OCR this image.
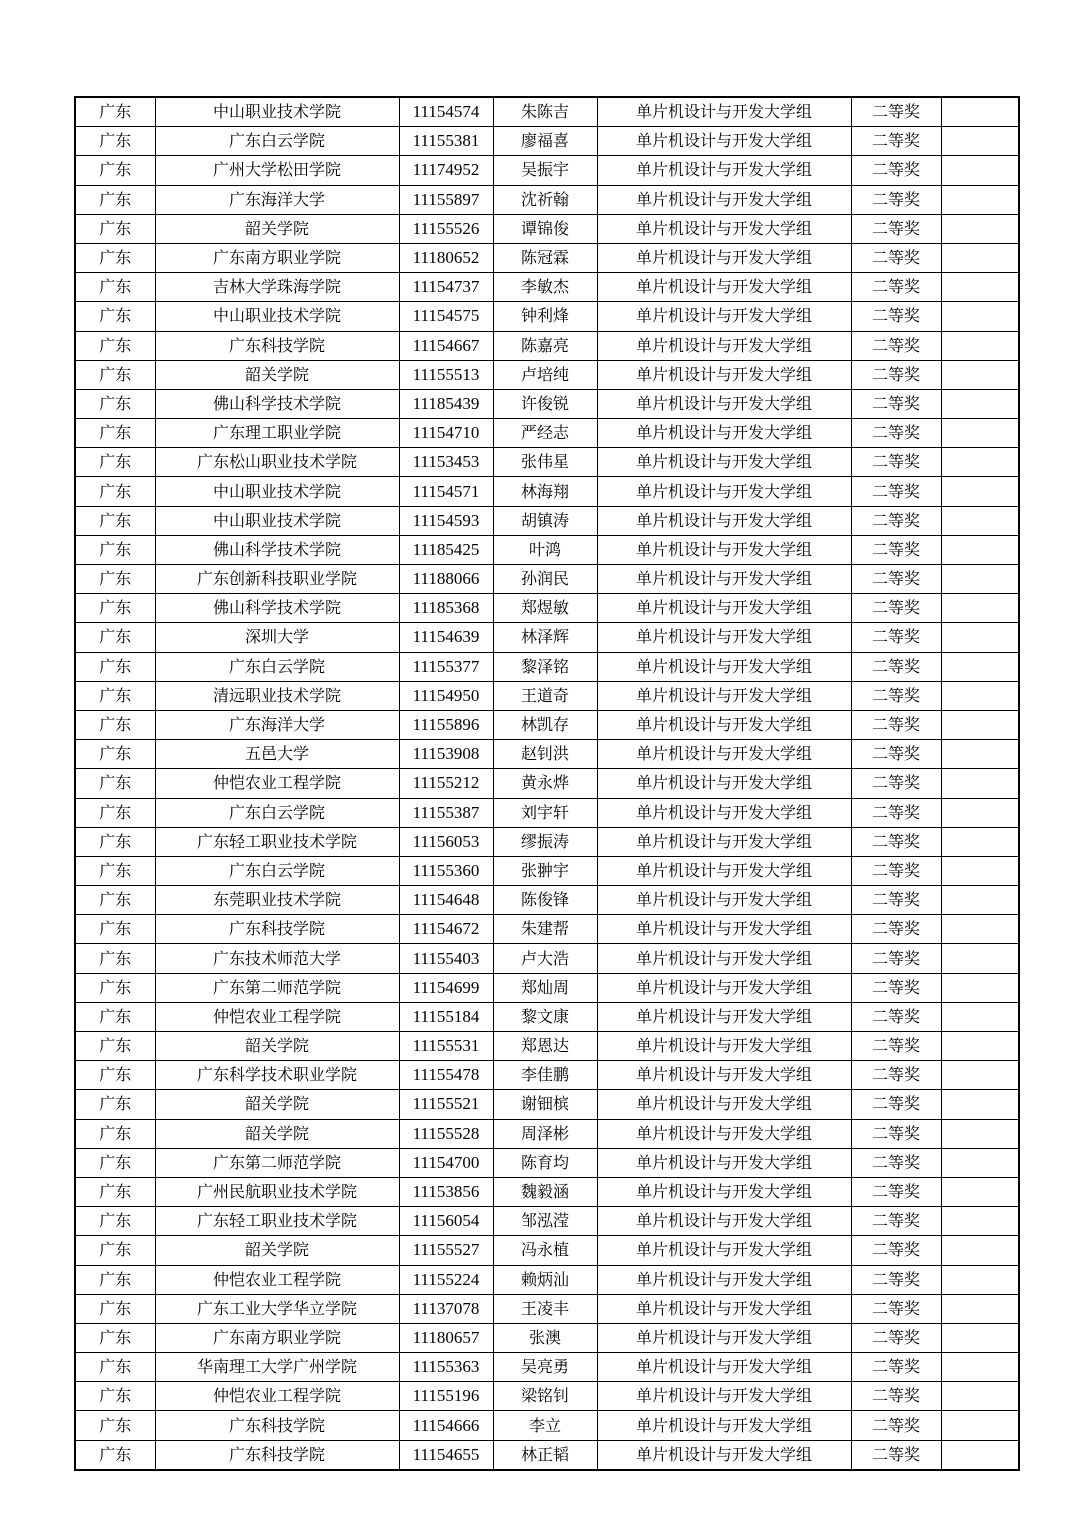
广东	中山职业技术学院	11154574	朱陈吉	单片机设计与开发大学组	二等奖	
广东	广东白云学院	11155381	廖福喜	单片机设计与开发大学组	二等奖	
广东	广州大学松田学院	11174952	吴振宇	单片机设计与开发大学组	二等奖	
广东	广东海洋大学	11155897	沈祈翰	单片机设计与开发大学组	二等奖	
广东	韶关学院	11155526	谭锦俊	单片机设计与开发大学组	二等奖	
广东	广东南方职业学院	11180652	陈冠霖	单片机设计与开发大学组	二等奖	
广东	吉林大学珠海学院	11154737	李敏杰	单片机设计与开发大学组	二等奖	
广东	中山职业技术学院	11154575	钟利烽	单片机设计与开发大学组	二等奖	
广东	广东科技学院	11154667	陈嘉亮	单片机设计与开发大学组	二等奖	
广东	韶关学院	11155513	卢培纯	单片机设计与开发大学组	二等奖	
广东	佛山科学技术学院	11185439	许俊锐	单片机设计与开发大学组	二等奖	
广东	广东理工职业学院	11154710	严经志	单片机设计与开发大学组	二等奖	
广东	广东松山职业技术学院	11153453	张伟星	单片机设计与开发大学组	二等奖	
广东	中山职业技术学院	11154571	林海翔	单片机设计与开发大学组	二等奖	
广东	中山职业技术学院	11154593	胡镇涛	单片机设计与开发大学组	二等奖	
广东	佛山科学技术学院	11185425	叶鸿	单片机设计与开发大学组	二等奖	
广东	广东创新科技职业学院	11188066	孙润民	单片机设计与开发大学组	二等奖	
广东	佛山科学技术学院	11185368	郑煜敏	单片机设计与开发大学组	二等奖	
广东	深圳大学	11154639	林泽辉	单片机设计与开发大学组	二等奖	
广东	广东白云学院	11155377	黎泽铭	单片机设计与开发大学组	二等奖	
广东	清远职业技术学院	11154950	王道奇	单片机设计与开发大学组	二等奖	
广东	广东海洋大学	11155896	林凯存	单片机设计与开发大学组	二等奖	
广东	五邑大学	11153908	赵钊洪	单片机设计与开发大学组	二等奖	
广东	仲恺农业工程学院	11155212	黄永烨	单片机设计与开发大学组	二等奖	
广东	广东白云学院	11155387	刘宇轩	单片机设计与开发大学组	二等奖	
广东	广东轻工职业技术学院	11156053	缪振涛	单片机设计与开发大学组	二等奖	
广东	广东白云学院	11155360	张翀宇	单片机设计与开发大学组	二等奖	
广东	东莞职业技术学院	11154648	陈俊锋	单片机设计与开发大学组	二等奖	
广东	广东科技学院	11154672	朱建帮	单片机设计与开发大学组	二等奖	
广东	广东技术师范大学	11155403	卢大浩	单片机设计与开发大学组	二等奖	
广东	广东第二师范学院	11154699	郑灿周	单片机设计与开发大学组	二等奖	
广东	仲恺农业工程学院	11155184	黎文康	单片机设计与开发大学组	二等奖	
广东	韶关学院	11155531	郑恩达	单片机设计与开发大学组	二等奖	
广东	广东科学技术职业学院	11155478	李佳鹏	单片机设计与开发大学组	二等奖	
广东	韶关学院	11155521	谢钿槟	单片机设计与开发大学组	二等奖	
广东	韶关学院	11155528	周泽彬	单片机设计与开发大学组	二等奖	
广东	广东第二师范学院	11154700	陈育均	单片机设计与开发大学组	二等奖	
广东	广州民航职业技术学院	11153856	魏毅涵	单片机设计与开发大学组	二等奖	
广东	广东轻工职业技术学院	11156054	邹泓滢	单片机设计与开发大学组	二等奖	
广东	韶关学院	11155527	冯永植	单片机设计与开发大学组	二等奖	
广东	仲恺农业工程学院	11155224	赖炳汕	单片机设计与开发大学组	二等奖	
广东	广东工业大学华立学院	11137078	王凌丰	单片机设计与开发大学组	二等奖	
广东	广东南方职业学院	11180657	张澳	单片机设计与开发大学组	二等奖	
广东	华南理工大学广州学院	11155363	吴亮勇	单片机设计与开发大学组	二等奖	
广东	仲恺农业工程学院	11155196	梁铭钊	单片机设计与开发大学组	二等奖	
广东	广东科技学院	11154666	李立	单片机设计与开发大学组	二等奖	
广东	广东科技学院	11154655	林正韬	单片机设计与开发大学组	二等奖	
